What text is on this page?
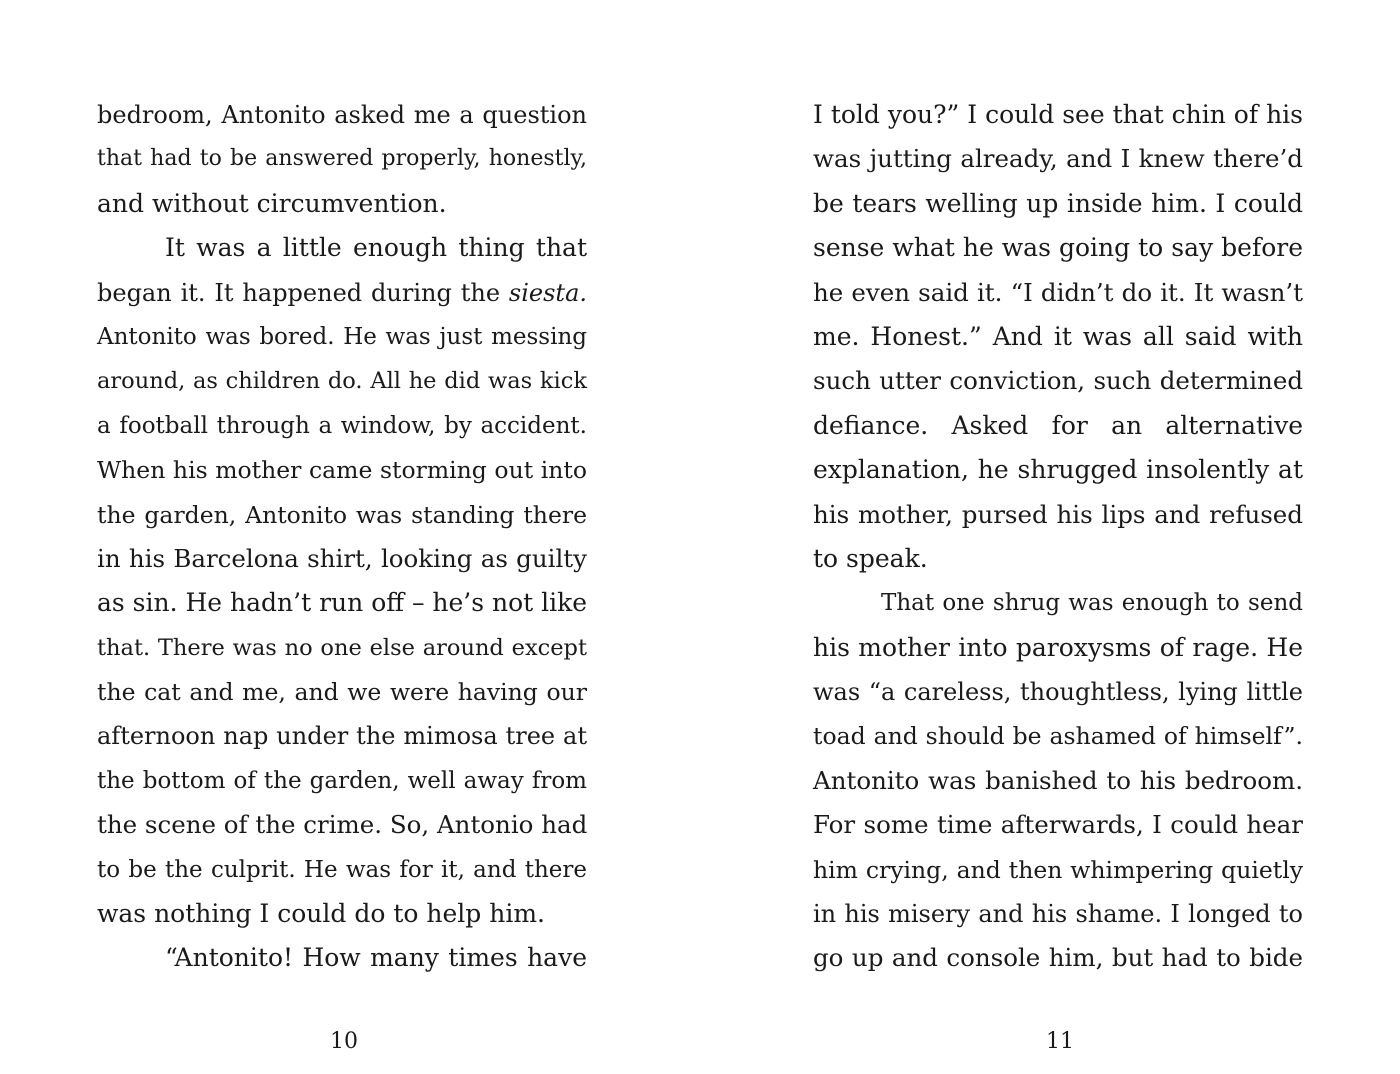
bedroom, Antonito asked me a question
that had to be answered properly, honestly,
and without circumvention.
It was a little enough thing that
began it. It happened during the siesta.
Antonito was bored. He was just messing
around, as children do. All he did was kick
a football through a window, by accident.
When his mother came storming out into
the garden, Antonito was standing there
in his Barcelona shirt, looking as guilty
as sin. He hadn’t run off – he’s not like
that. There was no one else around except
the cat and me, and we were having our
afternoon nap under the mimosa tree at
the bottom of the garden, well away from
the scene of the crime. So, Antonio had
to be the culprit. He was for it, and there
was nothing I could do to help him.
“Antonito! How many times have
10
I told you?” I could see that chin of his
was jutting already, and I knew there’d
be tears welling up inside him. I could
sense what he was going to say before
he even said it. “I didn’t do it. It wasn’t
me. Honest.” And it was all said with
such utter conviction, such determined
defiance. Asked for an alternative
explanation, he shrugged insolently at
his mother, pursed his lips and refused
to speak.
That one shrug was enough to send
his mother into paroxysms of rage. He
was “a careless, thoughtless, lying little
toad and should be ashamed of himself”.
Antonito was banished to his bedroom.
For some time afterwards, I could hear
him crying, and then whimpering quietly
in his misery and his shame. I longed to
go up and console him, but had to bide
11
